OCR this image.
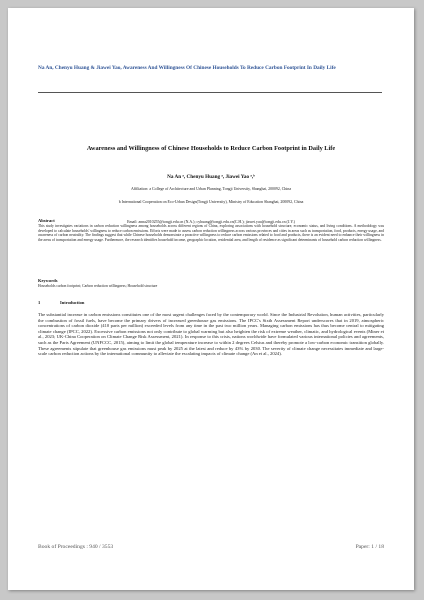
Na An, Chenyu Huang & Jiawei Yao, Awareness And Willingness Of Chinese Households To Reduce Carbon Footprint In Daily Life
Awareness and Willingness of Chinese Households to Reduce Carbon Footprint in Daily Life
Na An ᵃ, Chenyu Huang ᵃ, Jiawei Yao ᵃ,ᵇ
Affiliation: a College of Architecture and Urban Planning, Tongji University, Shanghai, 200092, China
b International Cooperation on Eco-Urban Design(Tongji University), Ministry of Education Shanghai, 200092, China
Email: anna2010255@tongji.edu.cn (N.A.); cyhuang@tongji.edu.cn(C.H.); jiawei.yao@tongji.edu.cn (J.Y.)
Abstract
This study investigates variations in carbon reduction willingness among households across different regions of China, exploring associations with household structure, economic status, and living conditions. A methodology was developed to calculate households' willingness to reduce carbon emissions. Efforts were made to assess carbon reduction willingness across various provinces and cities in areas such as transportation, food, products, energy usage, and awareness of carbon neutrality. The findings suggest that while Chinese households demonstrate a proactive willingness to reduce carbon emissions related to food and products, there is an evident need to enhance their willingness in the areas of transportation and energy usage. Furthermore, the research identifies household income, geographic location, residential area, and length of residence as significant determinants of household carbon reduction willingness.
Keywords
Households carbon footprint; Carbon reduction willingness; Household structure
1	Introduction

The substantial increase in carbon emissions constitutes one of the most urgent challenges faced by the contemporary world. Since the Industrial Revolution, human activities, particularly the combustion of fossil fuels, have become the primary drivers of increased greenhouse gas emissions. The IPCC's Sixth Assessment Report underscores that in 2019, atmospheric concentrations of carbon dioxide (410 parts per million) exceeded levels from any time in the past two million years. Managing carbon emissions has thus become central to mitigating climate change (IPCC, 2022). Excessive carbon emissions not only contribute to global warming but also heighten the risk of extreme weather, climatic, and hydrological events (Miner et al., 2023; UK-China Cooperation on Climate Change Risk Assessment, 2021). In response to this crisis, nations worldwide have formulated various international policies and agreements, such as the Paris Agreement (UNFCCC, 2015), aiming to limit the global temperature increase to within 2 degrees Celsius and thereby promote a low-carbon economic transition globally. These agreements stipulate that greenhouse gas emissions must peak by 2025 at the latest and reduce by 43% by 2030. The severity of climate change necessitates immediate and large-scale carbon reduction actions by the international community to alleviate the escalating impacts of climate change (An et al., 2024).

Book of Proceedings : 940 / 3553	Paper: 1 / 18
